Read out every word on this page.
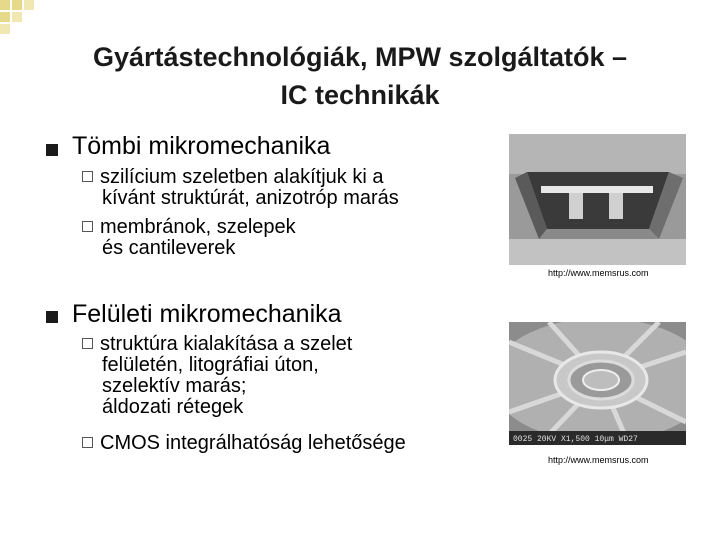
Gyártástechnológiák, MPW szolgáltatók –
IC technikák
Tömbi mikromechanika
szilícium szeletben alakítjuk ki a
kívánt struktúrát, anizotróp marás
membránok, szelepek
és cantileverek
http://www.memsrus.com
Felületi mikromechanika
struktúra kialakítása a szelet
felületén, litográfiai úton,
szelektív marás;
áldozati rétegek
CMOS integrálhatóság lehetősége	0025 20KV X1,500 10μm WD27
http://www.memsrus.com
